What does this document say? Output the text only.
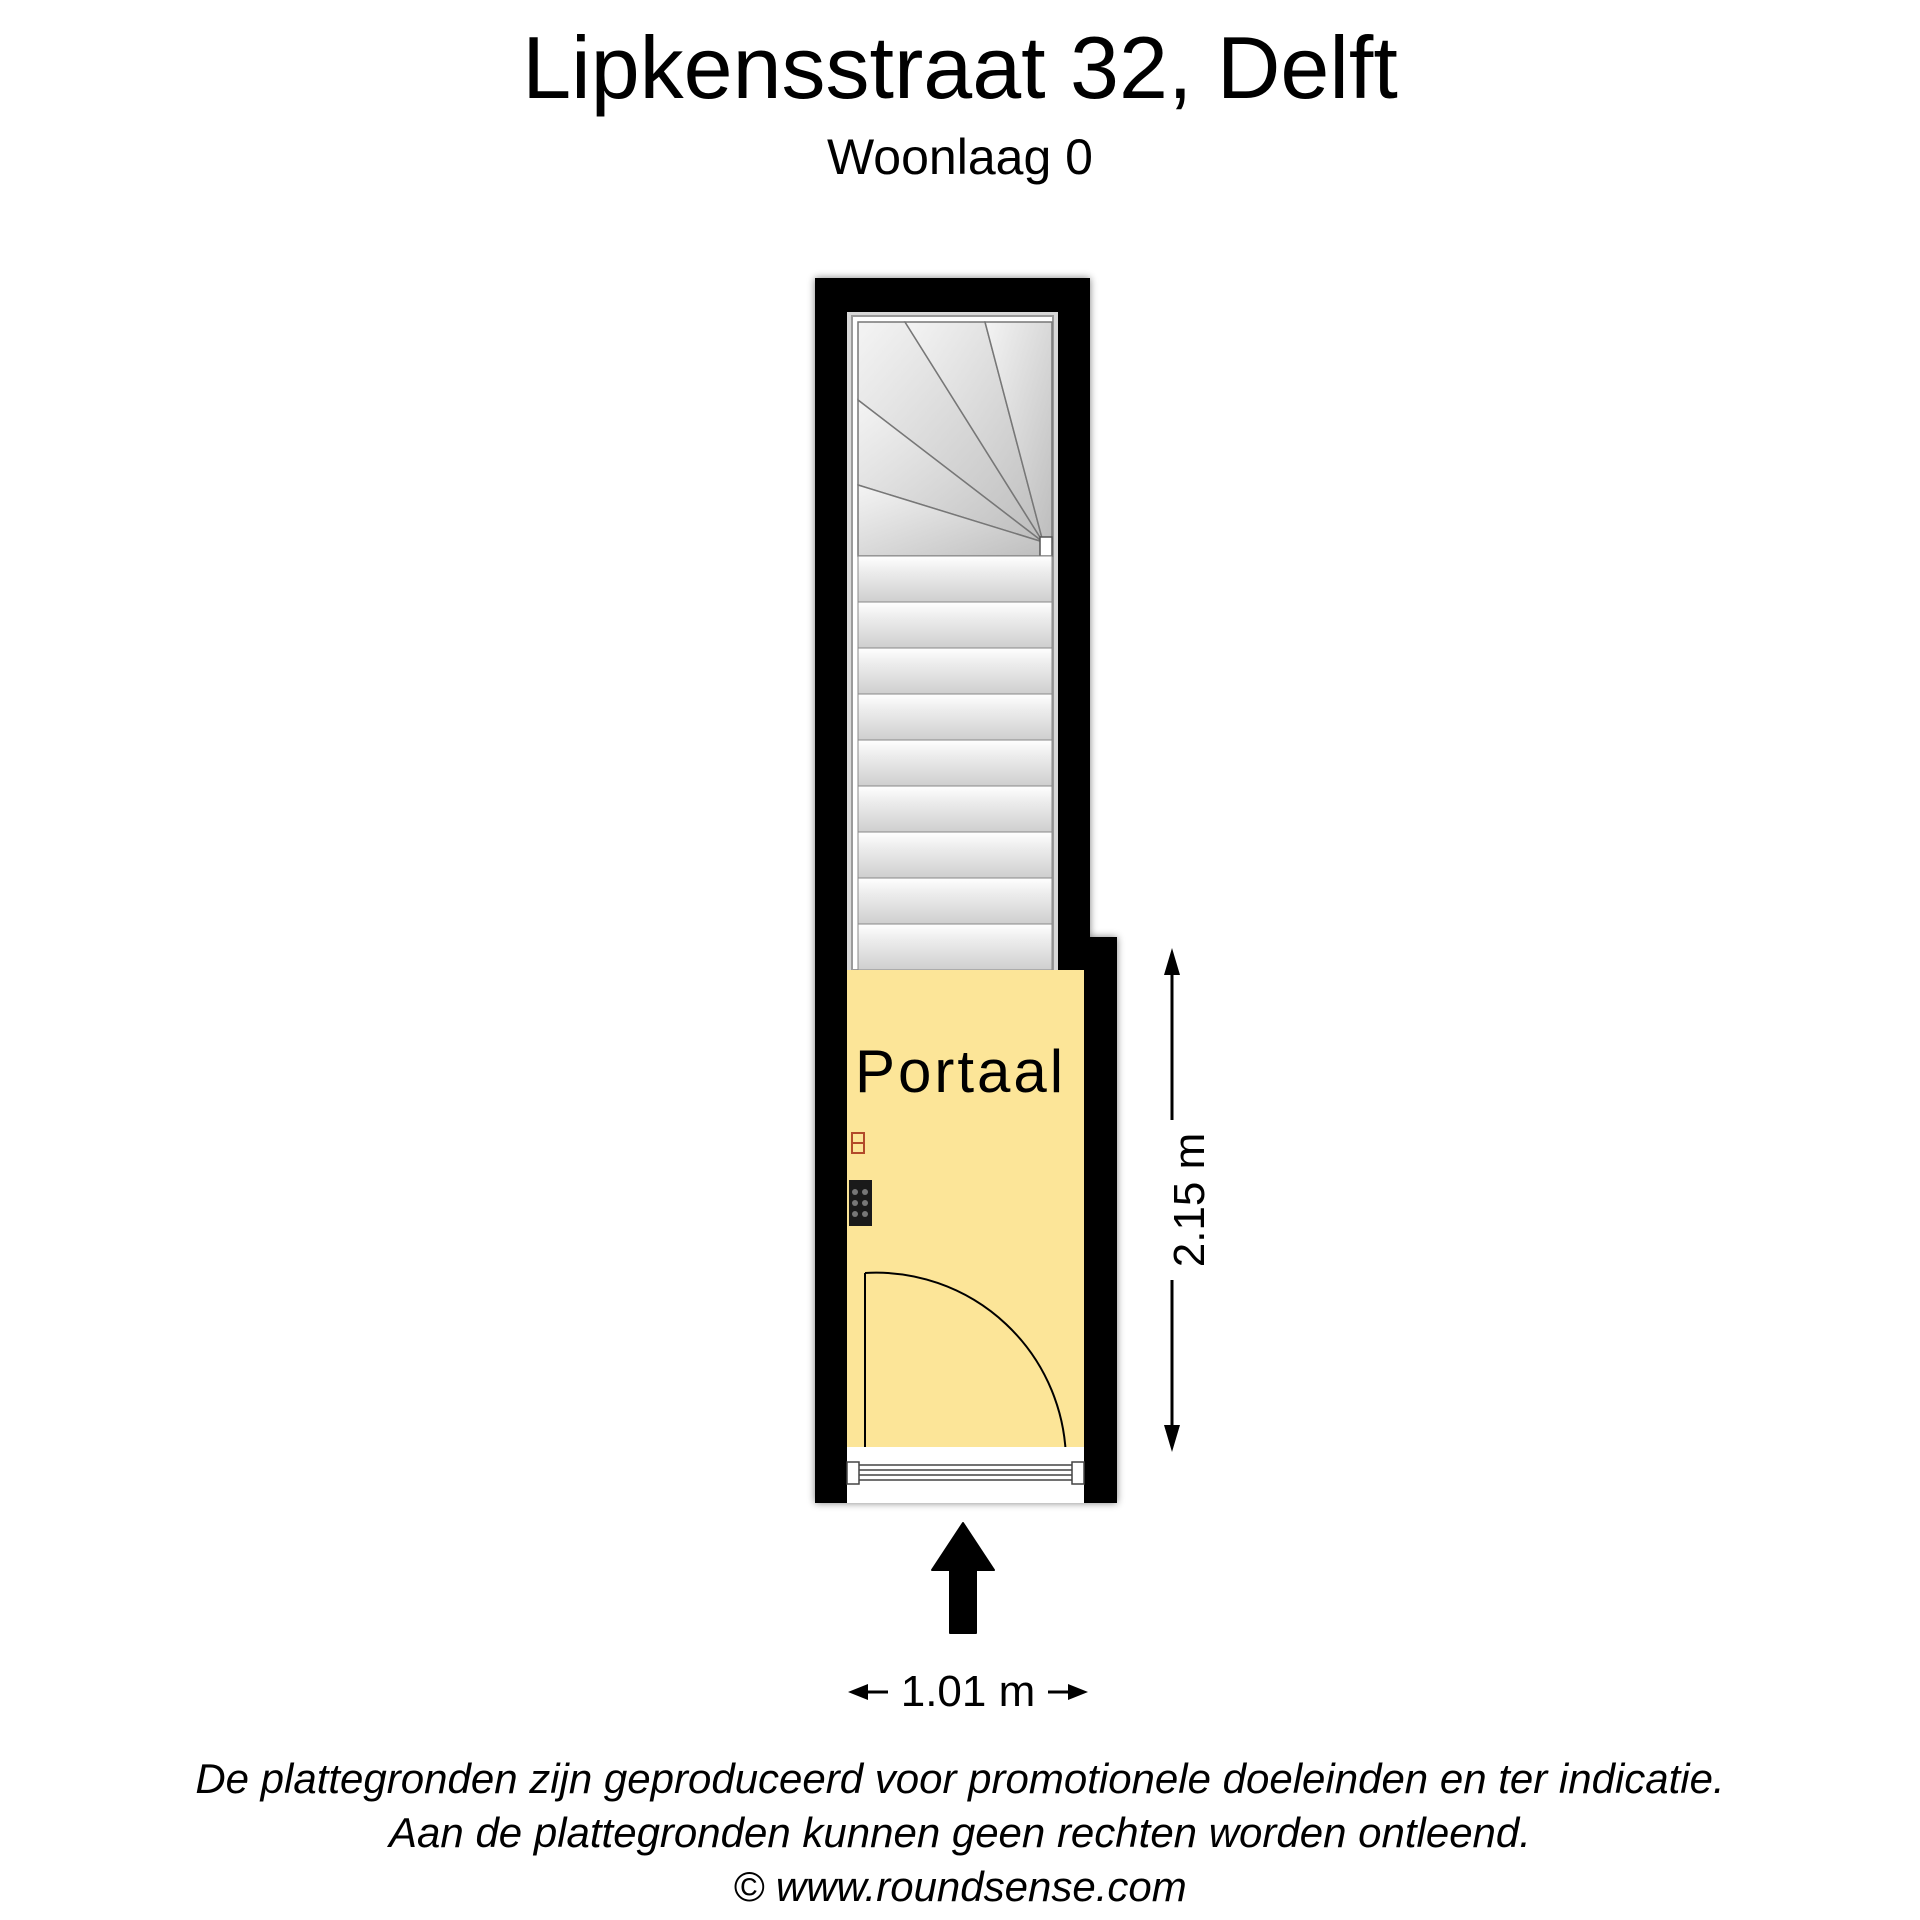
Lipkensstraat 32, Delft
Woonlaag 0
Portaal
2.15 m
1.01 m
De plattegronden zijn geproduceerd voor promotionele doeleinden en ter indicatie.
Aan de plattegronden kunnen geen rechten worden ontleend.
© www.roundsense.com
